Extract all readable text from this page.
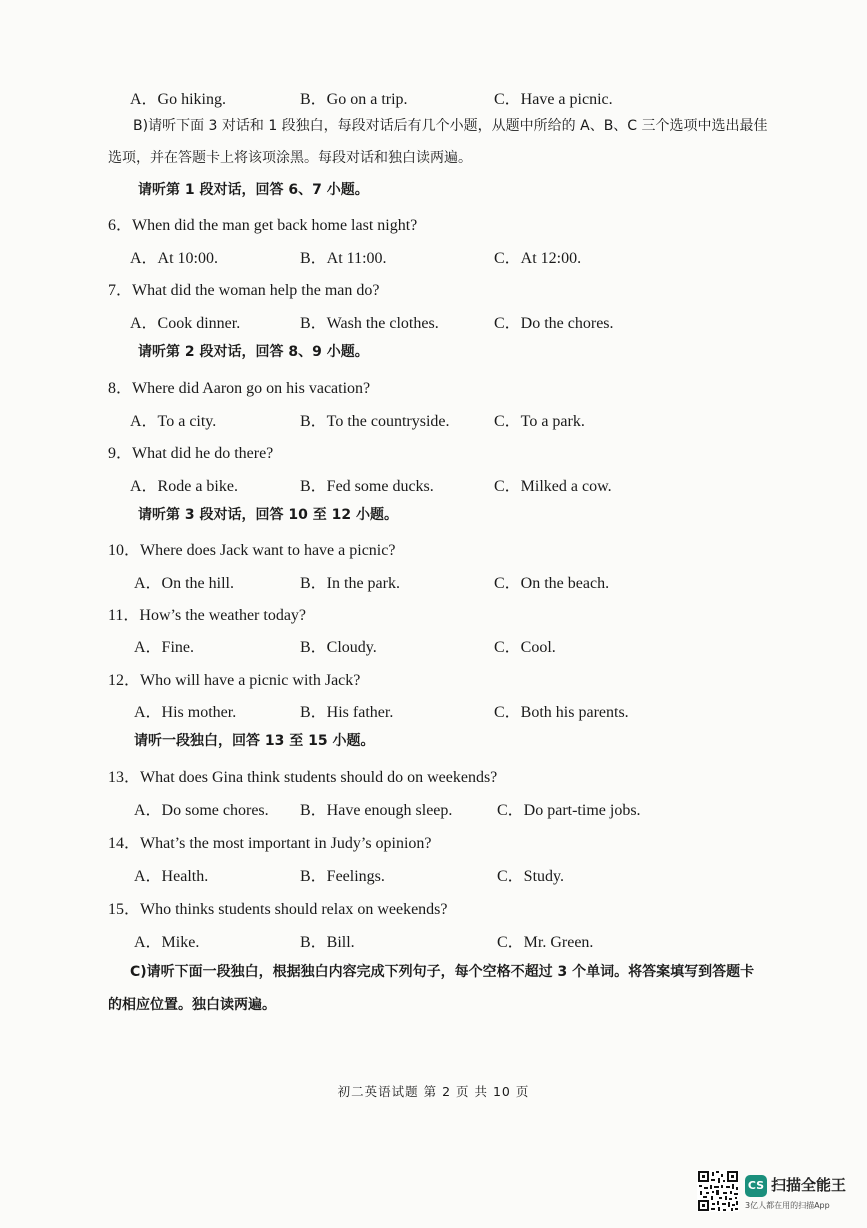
A．Go hiking.	B．Go on a trip.	C．Have a picnic.
B)请听下面 3 对话和 1 段独白，每段对话后有几个小题，从题中所给的 A、B、C 三个选项中选出最佳
选项，并在答题卡上将该项涂黑。每段对话和独白读两遍。
请听第 1 段对话，回答 6、7 小题。
6．When did the man get back home last night?
A．At 10:00.	B．At 11:00.	C．At 12:00.
7．What did the woman help the man do?
A．Cook dinner.	B．Wash the clothes.	C．Do the chores.
请听第 2 段对话，回答 8、9 小题。
8．Where did Aaron go on his vacation?
A．To a city.	B．To the countryside.	C．To a park.
9．What did he do there?
A．Rode a bike.	B．Fed some ducks.	C．Milked a cow.
请听第 3 段对话，回答 10 至 12 小题。
10．Where does Jack want to have a picnic?
A．On the hill.	B．In the park.	C．On the beach.
11．How’s the weather today?
A．Fine.	B．Cloudy.	C．Cool.
12．Who will have a picnic with Jack?
A．His mother.	B．His father.	C．Both his parents.
请听一段独白，回答 13 至 15 小题。
13．What does Gina think students should do on weekends?
A．Do some chores. B．Have enough sleep.	C．Do part-time jobs.
14．What’s the most important in Judy’s opinion?
A．Health.	B．Feelings.	C．Study.
15．Who thinks students should relax on weekends?
A．Mike.	B．Bill.	C．Mr. Green.
C)请听下面一段独白，根据独白内容完成下列句子，每个空格不超过 3 个单词。将答案填写到答题卡
的相应位置。独白读两遍。
初二英语试题 第 2 页 共 10 页
CS 扫描全能王
3亿人都在用的扫描App
